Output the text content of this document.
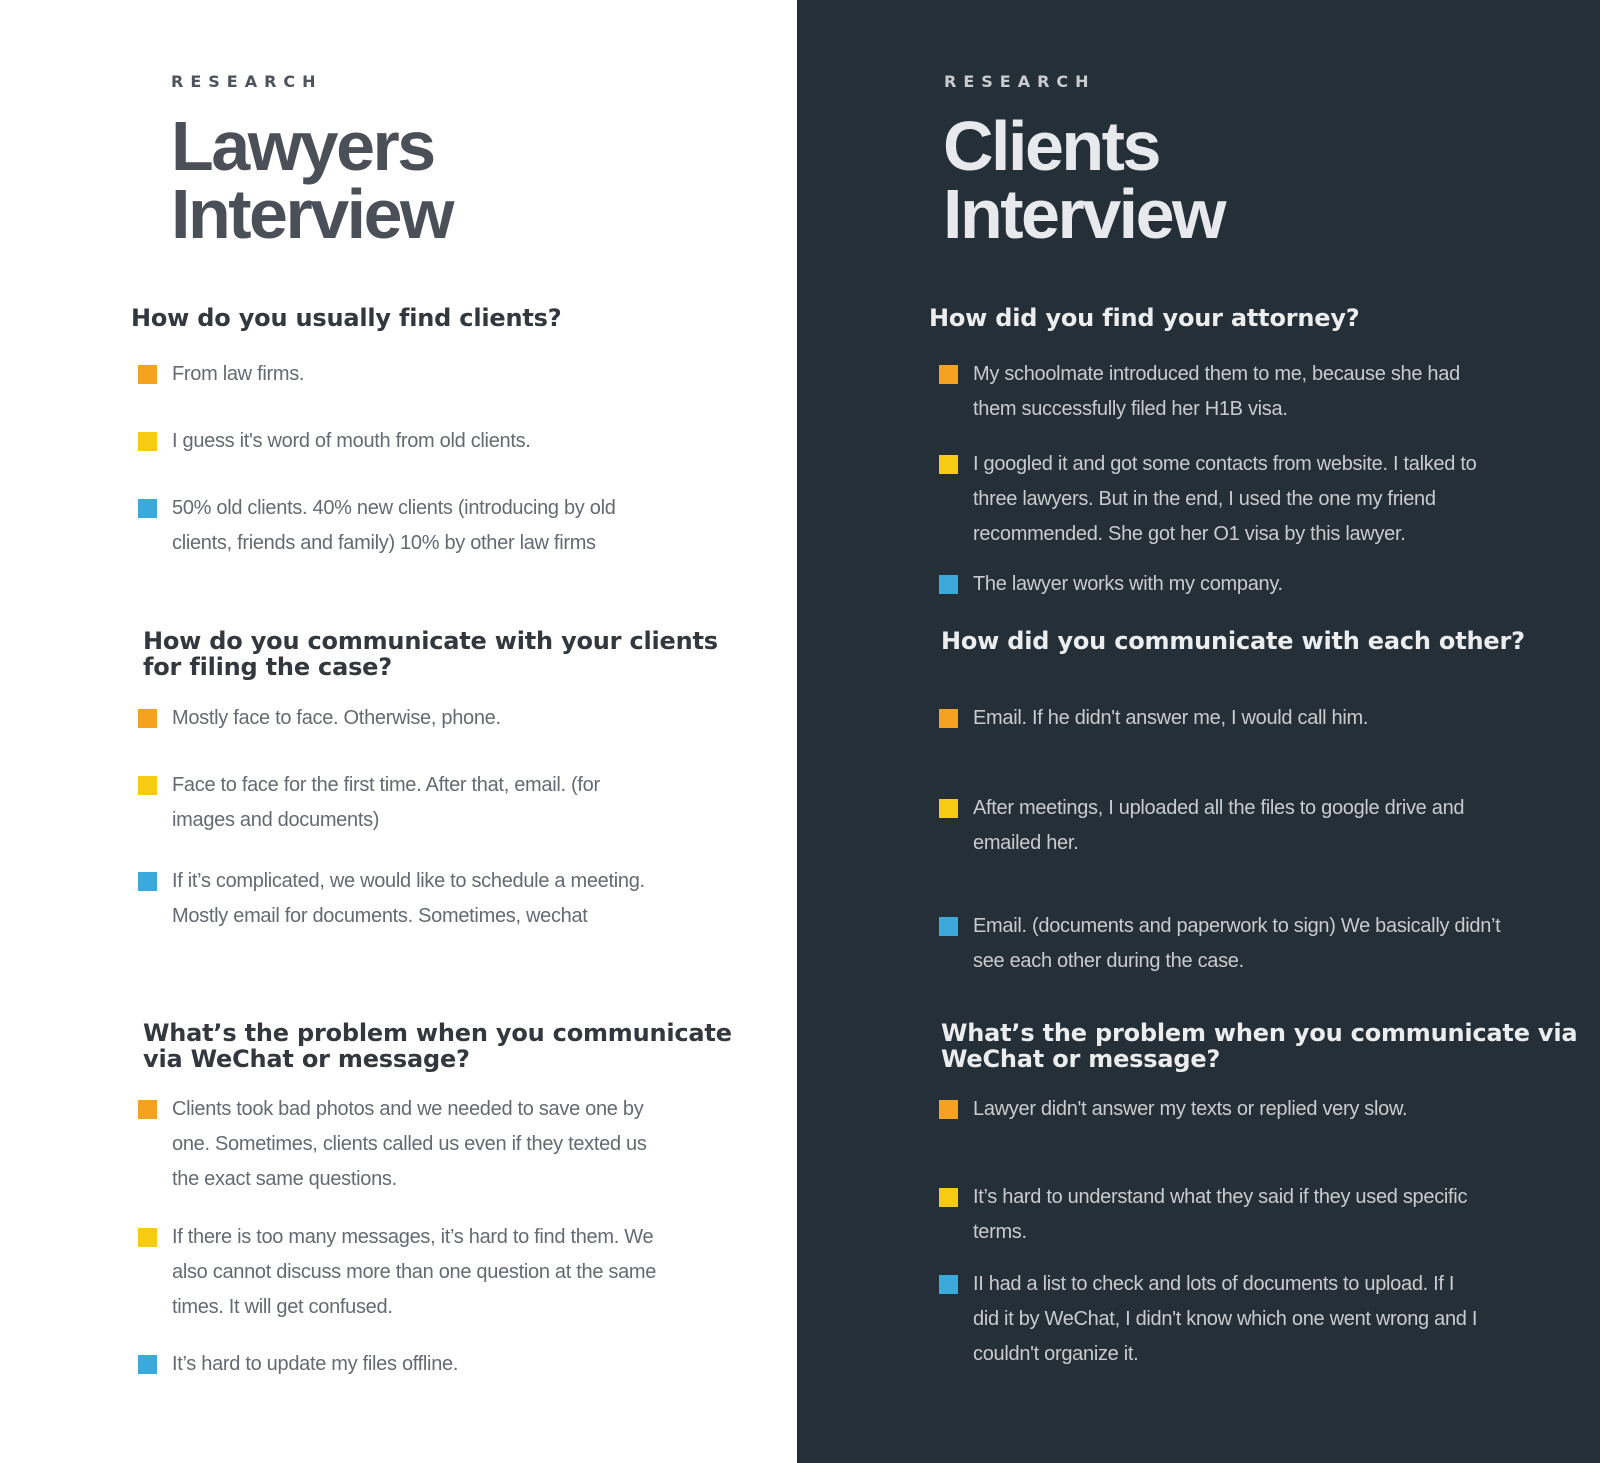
RESEARCH
Lawyers
Interview
How do you usually find clients?
From law firms.
I guess it's word of mouth from old clients.
50% old clients. 40% new clients (introducing by old clients, friends and family) 10% by other law firms
How do you communicate with your clients for filing the case?
Mostly face to face. Otherwise, phone.
Face to face for the first time. After that, email. (for images and documents)
If it’s complicated, we would like to schedule a meeting. Mostly email for documents. Sometimes, wechat
What’s the problem when you communicate via WeChat or message?
Clients took bad photos and we needed to save one by one. Sometimes, clients called us even if they texted us the exact same questions.
If there is too many messages, it’s hard to find them. We also cannot discuss more than one question at the same times. It will get confused.
It’s hard to update my files offline.
RESEARCH
Clients
Interview
How did you find your attorney?
My schoolmate introduced them to me, because she had them successfully filed her H1B visa.
I googled it and got some contacts from website. I talked to three lawyers. But in the end, I used the one my friend recommended. She got her O1 visa by this lawyer.
The lawyer works with my company.
How did you communicate with each other?
Email. If he didn't answer me, I would call him.
After meetings, I uploaded all the files to google drive and emailed her.
Email. (documents and paperwork to sign) We basically didn’t see each other during the case.
What’s the problem when you communicate via WeChat or message?
Lawyer didn't answer my texts or replied very slow.
It’s hard to understand what they said if they used specific terms.
II had a list to check and lots of documents to upload. If I did it by WeChat, I didn't know which one went wrong and I couldn't organize it.
